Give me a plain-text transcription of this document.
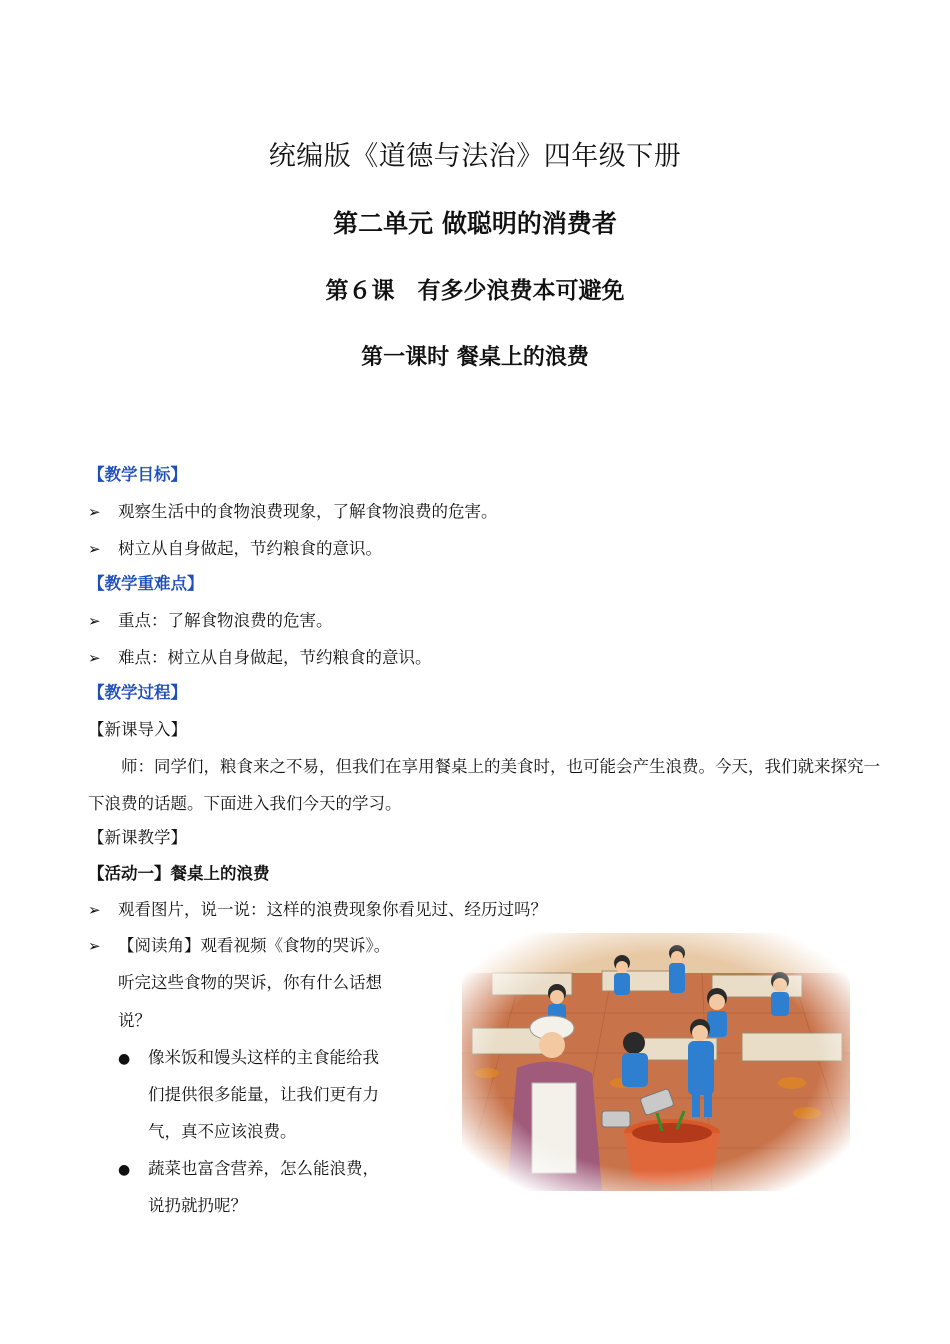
统编版《道德与法治》四年级下册
第二单元 做聪明的消费者
第６课　有多少浪费本可避免
第一课时 餐桌上的浪费
【教学目标】
➢ 观察生活中的食物浪费现象，了解食物浪费的危害。
➢ 树立从自身做起，节约粮食的意识。
【教学重难点】
➢ 重点：了解食物浪费的危害。
➢ 难点：树立从自身做起，节约粮食的意识。
【教学过程】
【新课导入】
师：同学们，粮食来之不易，但我们在享用餐桌上的美食时，也可能会产生浪费。今天，我们就来探究一下浪费的话题。下面进入我们今天的学习。
【新课教学】
【活动一】餐桌上的浪费
➢ 观看图片，说一说：这样的浪费现象你看见过、经历过吗？
➢ 【阅读角】观看视频《食物的哭诉》。
听完这些食物的哭诉，你有什么话想
说？
● 像米饭和馒头这样的主食能给我
们提供很多能量，让我们更有力
气，真不应该浪费。
● 蔬菜也富含营养，怎么能浪费，
说扔就扔呢？
